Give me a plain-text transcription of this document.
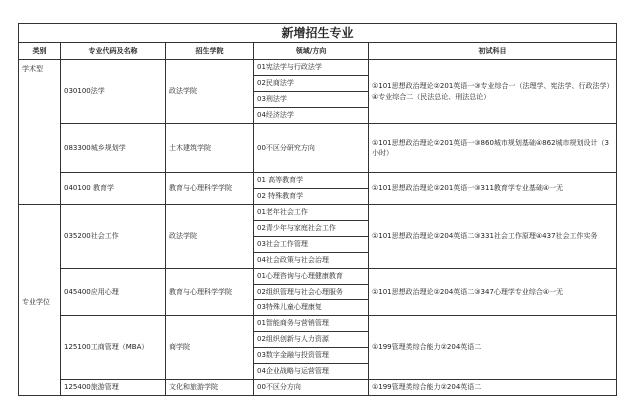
新增招生专业				
类别	专业代码及名称	招生学院	领域/方向	初试科目
学术型	030100法学	政法学院	01宪法学与行政法学	①101思想政治理论②201英语一③专业综合一（法理学、宪法学、行政法学）④专业综合二（民法总论、刑法总论）
			02民商法学	
			03刑法学	
			04经济法学	
	083300城乡规划学	土木建筑学院	00不区分研究方向	①101思想政治理论②201英语一③860城市规划基础④862城市规划设计（3小时）
	040100 教育学	教育与心理科学学院	01 高等教育学	①101思想政治理论②201英语一③311教育学专业基础④一无
			02 特殊教育学	
专业学位	035200社会工作	政法学院	01老年社会工作	①101思想政治理论②204英语二③331社会工作原理④437社会工作实务
			02青少年与家庭社会工作	
			03社会工作管理	
			04社会政策与社会治理	
	045400应用心理	教育与心理科学学院	01心理咨询与心理健康教育	①101思想政治理论②204英语二③347心理学专业综合④一无
			02组织管理与社会心理服务	
			03特殊儿童心理康复	
	125100工商管理（MBA）	商学院	01智能商务与营销管理	①199管理类综合能力②204英语二
			02组织创新与人力资源	
			03数字金融与投资管理	
			04企业战略与运营管理	
	125400旅游管理	文化和旅游学院	00不区分方向	①199管理类综合能力②204英语二
